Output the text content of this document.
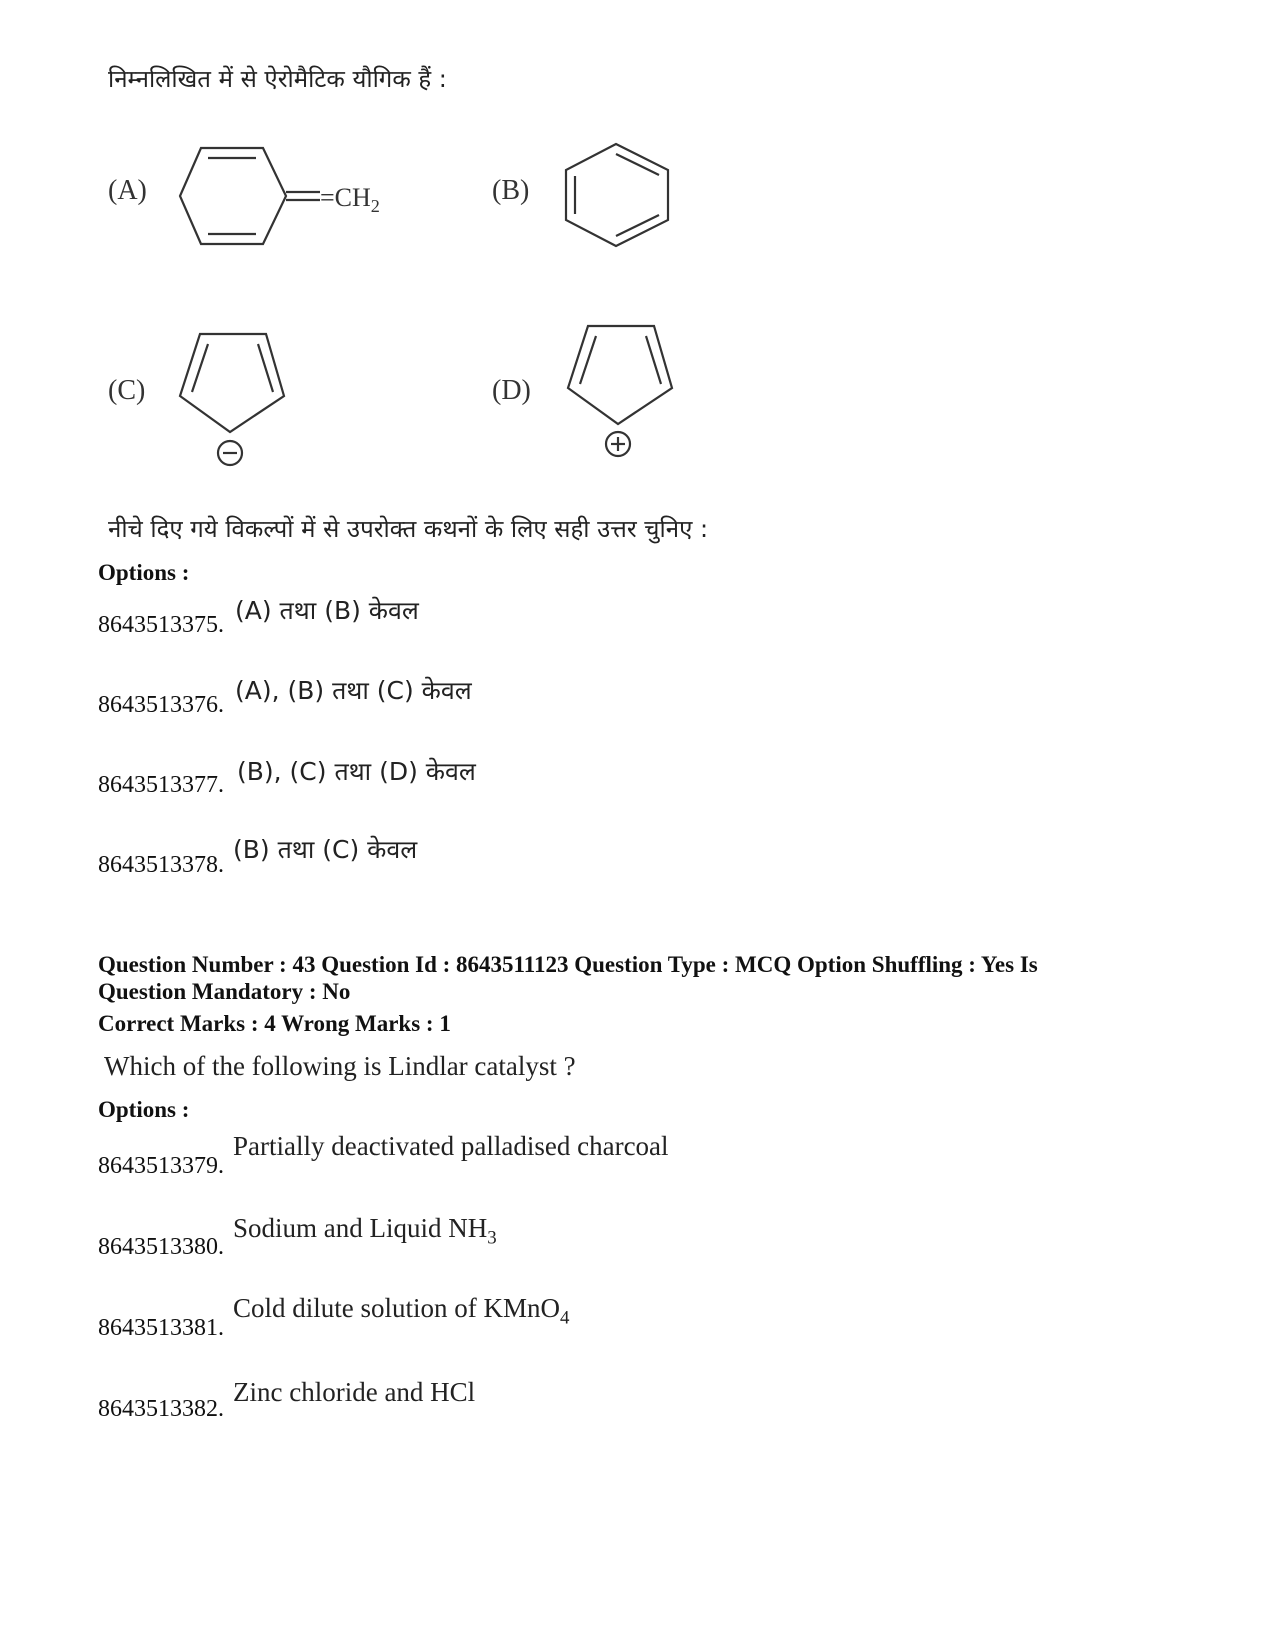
निम्नलिखित में से ऐरोमैटिक यौगिक हैं :
(A)	$=CH_2$
(B)
(C)	(D)
नीचे दिए गये विकल्पों में से उपरोक्त कथनों के लिए सही उत्तर चुनिए :
Options :
8643513375. (A) तथा (B) केवल
8643513376. (A), (B) तथा (C) केवल
8643513377. (B), (C) तथा (D) केवल
8643513378.
(B) तथा (C) केवल
Question Number : 43 Question Id : 8643511123 Question Type : MCQ Option Shuffling : Yes Is
Question Mandatory : No
Correct Marks : 4 Wrong Marks : 1
Which of the following is Lindlar catalyst ?
Options :
8643513379.
Partially deactivated palladised charcoal
8643513380.
Sodium and Liquid $NH_3$
8643513381.
Cold dilute solution of KMnO$_4$
8643513382.
Zinc chloride and HCl
